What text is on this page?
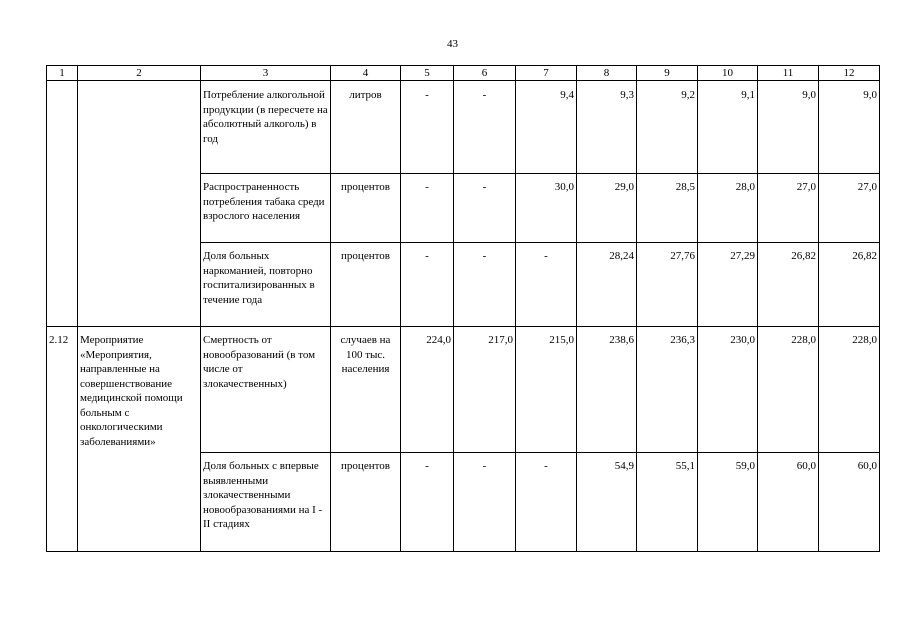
43
1	2	3	4	5	6	7	8	9	10	11	12
		Потребление алкогольной продукции (в пересчете на абсолютный алкоголь) в год	литров	-	-	9,4	9,3	9,2	9,1	9,0	9,0
		Распространенность потребления табака среди взрослого населения	процентов	-	-	30,0	29,0	28,5	28,0	27,0	27,0
		Доля больных наркоманией, повторно госпитализированных в течение года	процентов	-	-	-	28,24	27,76	27,29	26,82	26,82
2.12	Мероприятие «Мероприятия, направленные на совершенствование медицинской помощи больным с онкологическими заболеваниями»	Смертность от новообразований (в том числе от злокачественных)	случаев на 100 тыс. населения	224,0	217,0	215,0	238,6	236,3	230,0	228,0	228,0
		Доля больных с впервые выявленными злокачественными новообразованиями на I - II стадиях	процентов	-	-	-	54,9	55,1	59,0	60,0	60,0
